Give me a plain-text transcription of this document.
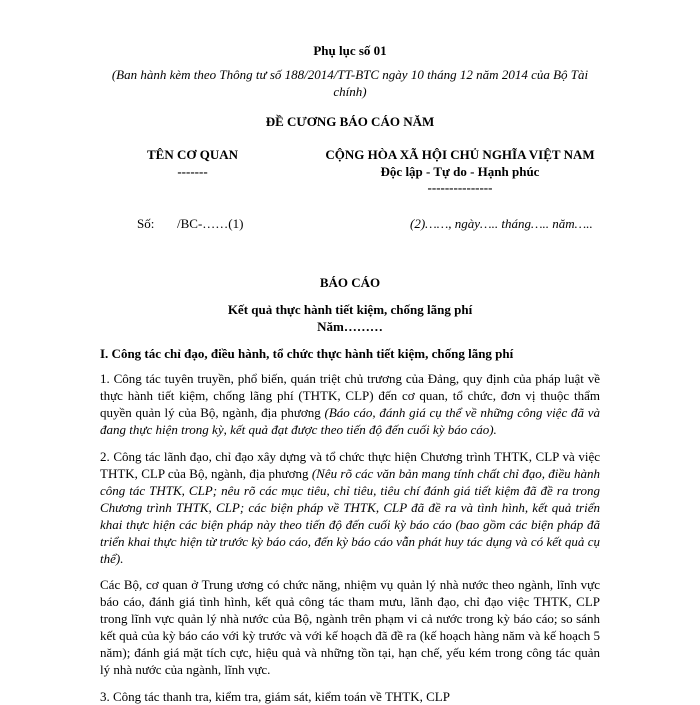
Phụ lục số 01
(Ban hành kèm theo Thông tư số 188/2014/TT-BTC ngày 10 tháng 12 năm 2014 của Bộ Tài chính)
ĐỀ CƯƠNG BÁO CÁO NĂM
TÊN CƠ QUAN
-------
CỘNG HÒA XÃ HỘI CHỦ NGHĨA VIỆT NAM
Độc lập - Tự do - Hạnh phúc
---------------
Số: /BC-……(1)	(2)……, ngày….. tháng….. năm…..
BÁO CÁO
Kết quả thực hành tiết kiệm, chống lãng phí
Năm………
I. Công tác chỉ đạo, điều hành, tổ chức thực hành tiết kiệm, chống lãng phí
1. Công tác tuyên truyền, phổ biến, quán triệt chủ trương của Đảng, quy định của pháp luật về thực hành tiết kiệm, chống lãng phí (THTK, CLP) đến cơ quan, tổ chức, đơn vị thuộc thẩm quyền quản lý của Bộ, ngành, địa phương (Báo cáo, đánh giá cụ thể về những công việc đã và đang thực hiện trong kỳ, kết quả đạt được theo tiến độ đến cuối kỳ báo cáo).
2. Công tác lãnh đạo, chỉ đạo xây dựng và tổ chức thực hiện Chương trình THTK, CLP và việc THTK, CLP của Bộ, ngành, địa phương (Nêu rõ các văn bản mang tính chất chỉ đạo, điều hành công tác THTK, CLP; nêu rõ các mục tiêu, chỉ tiêu, tiêu chí đánh giá tiết kiệm đã đề ra trong Chương trình THTK, CLP; các biện pháp về THTK, CLP đã đề ra và tình hình, kết quả triển khai thực hiện các biện pháp này theo tiến độ đến cuối kỳ báo cáo (bao gồm các biện pháp đã triển khai thực hiện từ trước kỳ báo cáo, đến kỳ báo cáo vẫn phát huy tác dụng và có kết quả cụ thể).
Các Bộ, cơ quan ở Trung ương có chức năng, nhiệm vụ quản lý nhà nước theo ngành, lĩnh vực báo cáo, đánh giá tình hình, kết quả công tác tham mưu, lãnh đạo, chỉ đạo việc THTK, CLP trong lĩnh vực quản lý nhà nước của Bộ, ngành trên phạm vi cả nước trong kỳ báo cáo; so sánh kết quả của kỳ báo cáo với kỳ trước và với kế hoạch đã đề ra (kế hoạch hàng năm và kế hoạch 5 năm); đánh giá mặt tích cực, hiệu quả và những tồn tại, hạn chế, yếu kém trong công tác quản lý nhà nước của ngành, lĩnh vực.
3. Công tác thanh tra, kiểm tra, giám sát, kiểm toán về THTK, CLP
